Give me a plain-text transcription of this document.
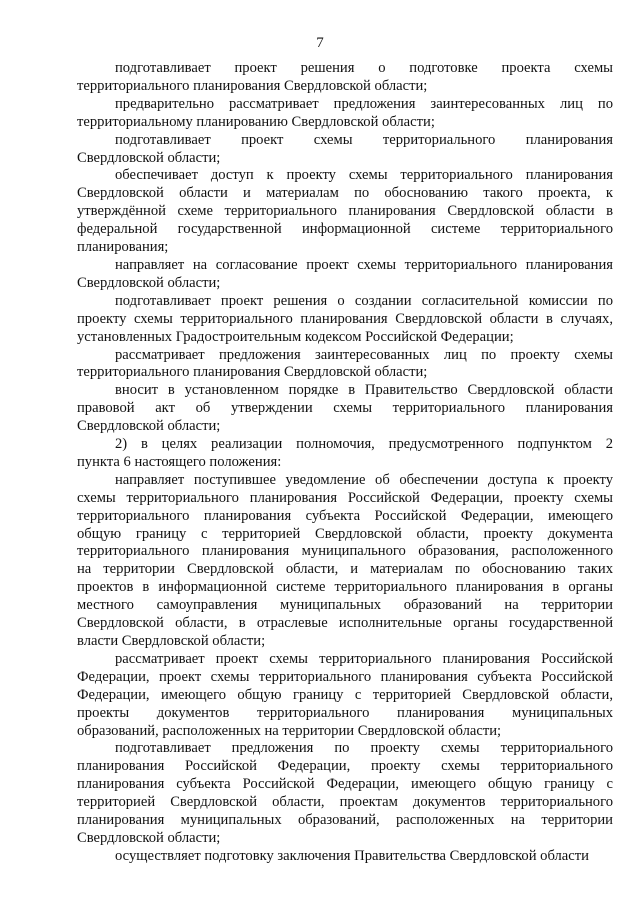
7
подготавливает проект решения о подготовке проекта схемы
территориального планирования Свердловской области;
предварительно рассматривает предложения заинтересованных лиц по
территориальному планированию Свердловской области;
подготавливает проект схемы территориального планирования
Свердловской области;
обеспечивает доступ к проекту схемы территориального планирования
Свердловской области и материалам по обоснованию такого проекта, к
утверждённой схеме территориального планирования Свердловской области в
федеральной государственной информационной системе территориального
планирования;
направляет на согласование проект схемы территориального планирования
Свердловской области;
подготавливает проект решения о создании согласительной комиссии по
проекту схемы территориального планирования Свердловской области в случаях,
установленных Градостроительным кодексом Российской Федерации;
рассматривает предложения заинтересованных лиц по проекту схемы
территориального планирования Свердловской области;
вносит в установленном порядке в Правительство Свердловской области
правовой акт об утверждении схемы территориального планирования
Свердловской области;
2) в целях реализации полномочия, предусмотренного подпунктом 2
пункта 6 настоящего положения:
направляет поступившее уведомление об обеспечении доступа к проекту
схемы территориального планирования Российской Федерации, проекту схемы
территориального планирования субъекта Российской Федерации, имеющего
общую границу с территорией Свердловской области, проекту документа
территориального планирования муниципального образования, расположенного
на территории Свердловской области, и материалам по обоснованию таких
проектов в информационной системе территориального планирования в органы
местного самоуправления муниципальных образований на территории
Свердловской области, в отраслевые исполнительные органы государственной
власти Свердловской области;
рассматривает проект схемы территориального планирования Российской
Федерации, проект схемы территориального планирования субъекта Российской
Федерации, имеющего общую границу с территорией Свердловской области,
проекты документов территориального планирования муниципальных
образований, расположенных на территории Свердловской области;
подготавливает предложения по проекту схемы территориального
планирования Российской Федерации, проекту схемы территориального
планирования субъекта Российской Федерации, имеющего общую границу с
территорией Свердловской области, проектам документов территориального
планирования муниципальных образований, расположенных на территории
Свердловской области;
осуществляет подготовку заключения Правительства Свердловской области
